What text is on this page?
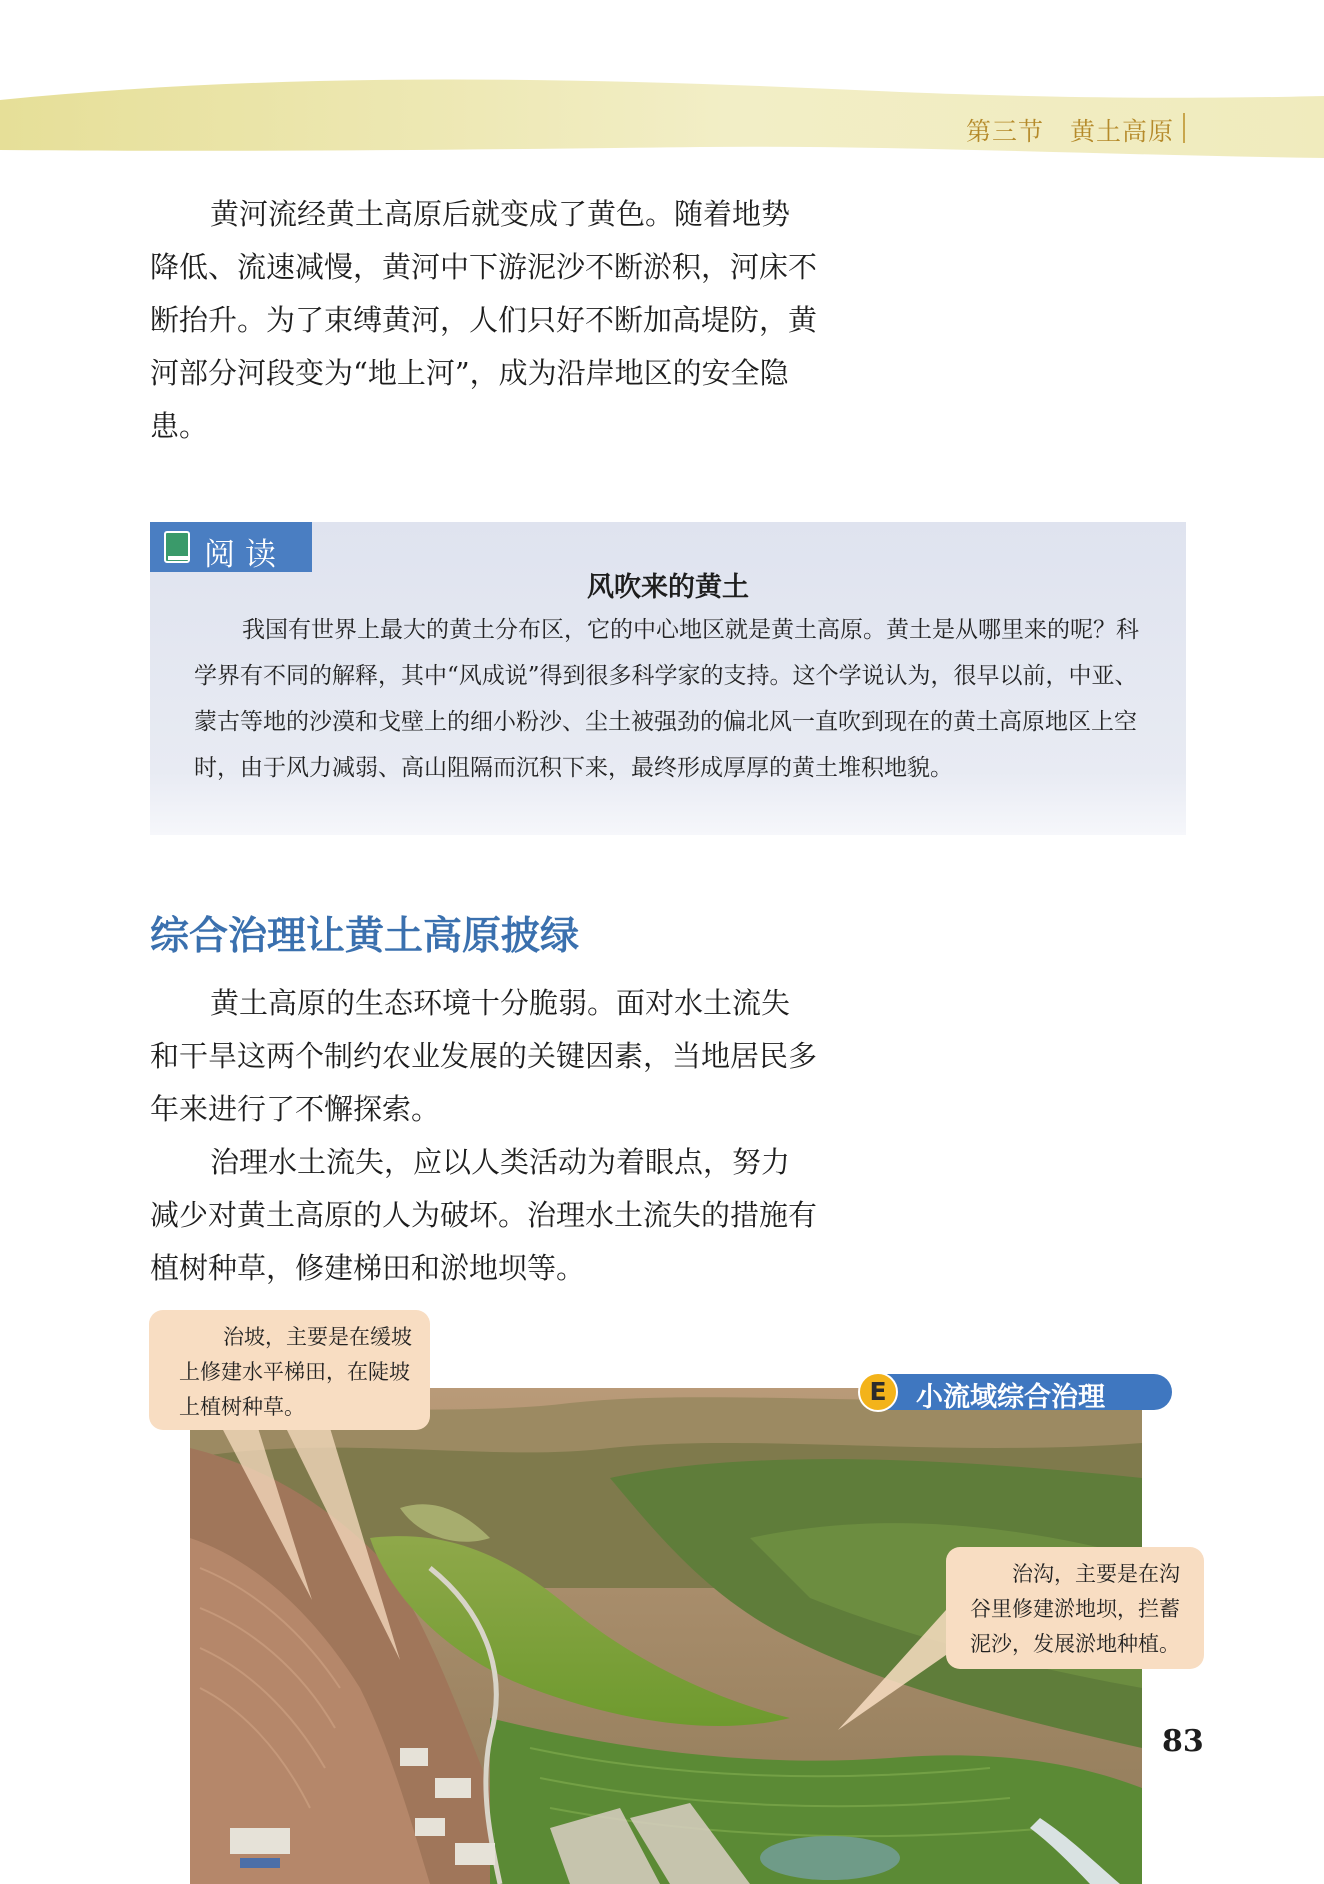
第三节 黄土高原

黄河流经黄土高原后就变成了黄色。随着地势降低、流速减慢，黄河中下游泥沙不断淤积，河床不断抬升。为了束缚黄河，人们只好不断加高堤防，黄河部分河段变为“地上河”，成为沿岸地区的安全隐患。

阅读
风吹来的黄土

我国有世界上最大的黄土分布区，它的中心地区就是黄土高原。黄土是从哪里来的呢？科学界有不同的解释，其中“风成说”得到很多科学家的支持。这个学说认为，很早以前，中亚、蒙古等地的沙漠和戈壁上的细小粉沙、尘土被强劲的偏北风一直吹到现在的黄土高原地区上空时，由于风力减弱、高山阻隔而沉积下来，最终形成厚厚的黄土堆积地貌。

综合治理让黄土高原披绿

黄土高原的生态环境十分脆弱。面对水土流失和干旱这两个制约农业发展的关键因素，当地居民多年来进行了不懈探索。

治理水土流失，应以人类活动为着眼点，努力减少对黄土高原的人为破坏。治理水土流失的措施有植树种草，修建梯田和淤地坝等。

E	小流域综合治理
治坡，主要是在缓坡上修建水平梯田，在陡坡上植树种草。
治沟，主要是在沟谷里修建淤地坝，拦蓄泥沙，发展淤地种植。
83
